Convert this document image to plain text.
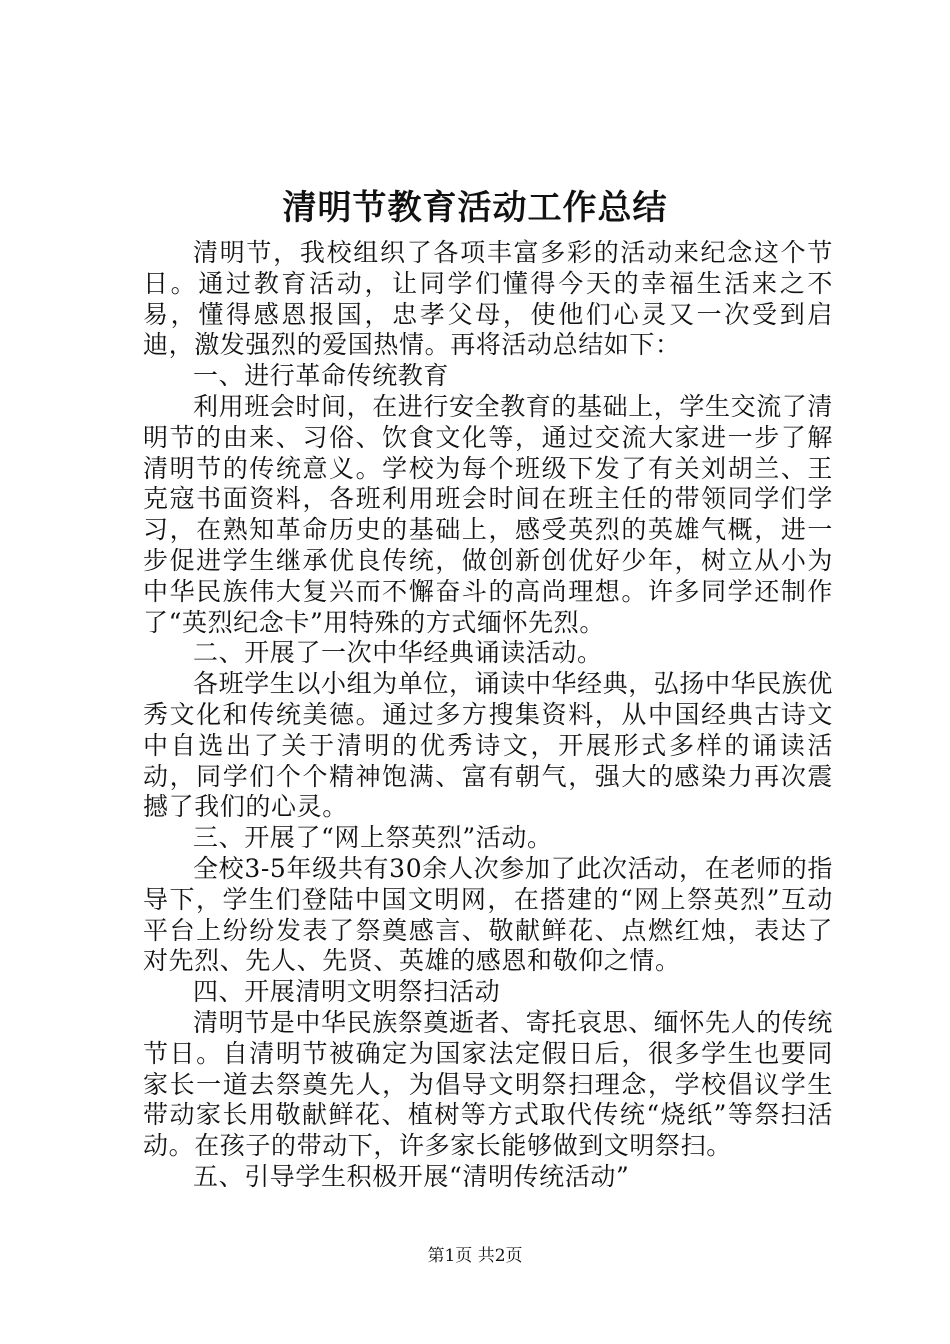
清明节教育活动工作总结

清明节，我校组织了各项丰富多彩的活动来纪念这个节日。通过教育活动，让同学们懂得今天的幸福生活来之不易，懂得感恩报国，忠孝父母，使他们心灵又一次受到启迪，激发强烈的爱国热情。再将活动总结如下：

一、进行革命传统教育

利用班会时间，在进行安全教育的基础上，学生交流了清明节的由来、习俗、饮食文化等，通过交流大家进一步了解清明节的传统意义。学校为每个班级下发了有关刘胡兰、王克寇书面资料，各班利用班会时间在班主任的带领同学们学习，在熟知革命历史的基础上，感受英烈的英雄气概，进一步促进学生继承优良传统，做创新创优好少年，树立从小为中华民族伟大复兴而不懈奋斗的高尚理想。许多同学还制作了“英烈纪念卡”用特殊的方式缅怀先烈。

二、开展了一次中华经典诵读活动。

各班学生以小组为单位，诵读中华经典，弘扬中华民族优秀文化和传统美德。通过多方搜集资料，从中国经典古诗文中自选出了关于清明的优秀诗文，开展形式多样的诵读活动，同学们个个精神饱满、富有朝气，强大的感染力再次震撼了我们的心灵。

三、开展了“网上祭英烈”活动。

全校3-5年级共有30余人次参加了此次活动，在老师的指导下，学生们登陆中国文明网，在搭建的“网上祭英烈”互动平台上纷纷发表了祭奠感言、敬献鲜花、点燃红烛，表达了对先烈、先人、先贤、英雄的感恩和敬仰之情。

四、开展清明文明祭扫活动

清明节是中华民族祭奠逝者、寄托哀思、缅怀先人的传统节日。自清明节被确定为国家法定假日后，很多学生也要同家长一道去祭奠先人，为倡导文明祭扫理念，学校倡议学生带动家长用敬献鲜花、植树等方式取代传统“烧纸”等祭扫活动。在孩子的带动下，许多家长能够做到文明祭扫。

五、引导学生积极开展“清明传统活动”

第1页 共2页
